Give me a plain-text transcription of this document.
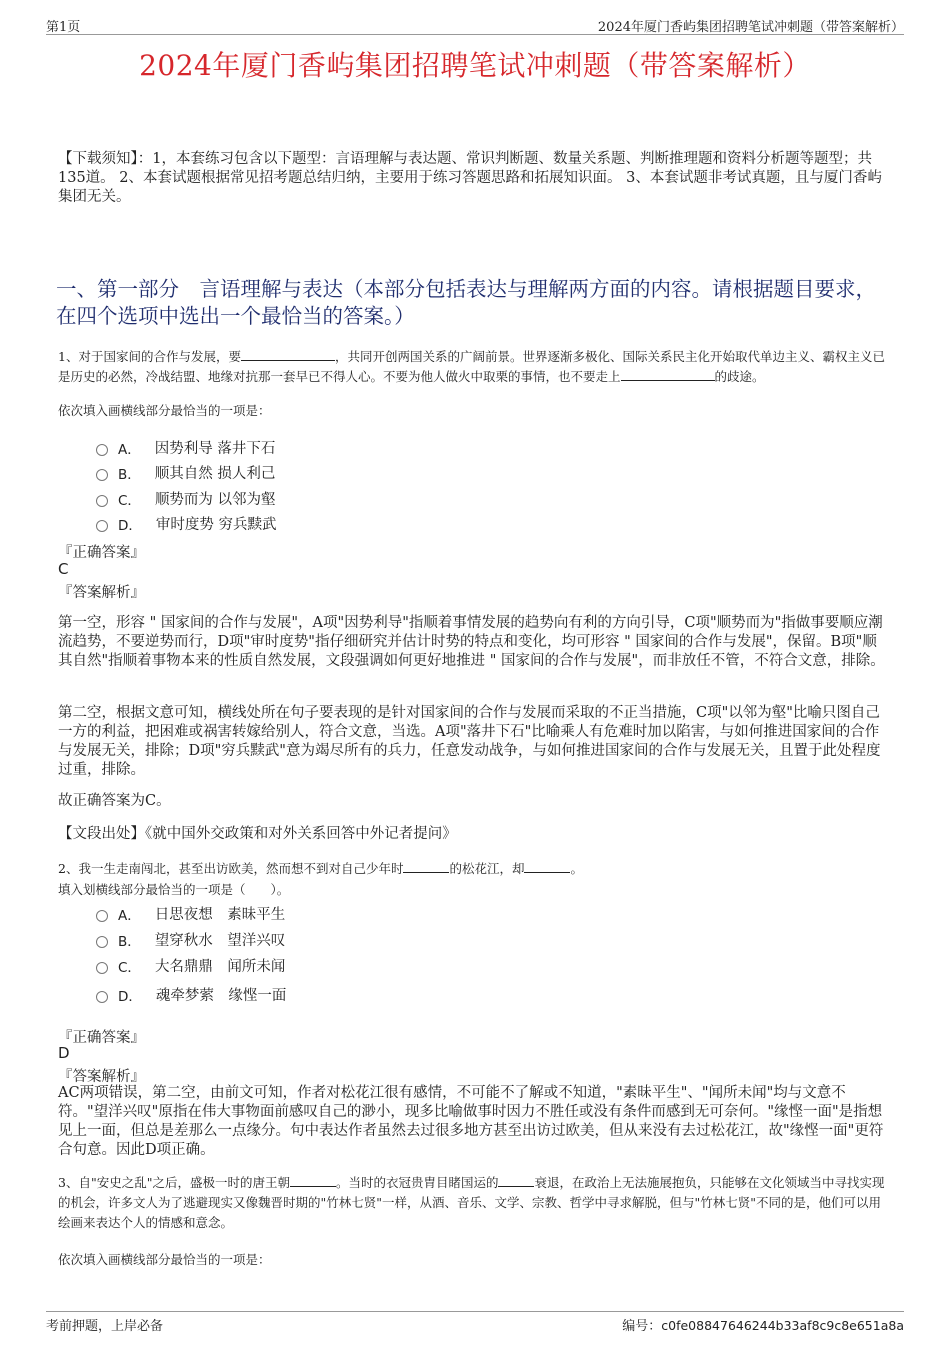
第1页	2024年厦门香屿集团招聘笔试冲刺题（带答案解析）
2024年厦门香屿集团招聘笔试冲刺题（带答案解析）
【下载须知】：1，本套练习包含以下题型：言语理解与表达题、常识判断题、数量关系题、判断推理题和资料分析题等题型；共135道。 2、本套试题根据常见招考题总结归纳，主要用于练习答题思路和拓展知识面。 3、本套试题非考试真题，且与厦门香屿集团无关。
一、第一部分　言语理解与表达（本部分包括表达与理解两方面的内容。请根据题目要求，在四个选项中选出一个最恰当的答案。）
1、对于国家间的合作与发展，要	，共同开创两国关系的广阔前景。世界逐渐多极化、国际关系民主化开始取代单边主义、霸权主义已是历史的必然，冷战结盟、地缘对抗那一套早已不得人心。不要为他人做火中取栗的事情，也不要走上	的歧途。
依次填入画横线部分最恰当的一项是：
A． 因势利导 落井下石
B． 顺其自然 损人利己
C． 顺势而为 以邻为壑
D． 审时度势 穷兵黩武
『正确答案』
C
『答案解析』
第一空，形容 " 国家间的合作与发展"，A项"因势利导"指顺着事情发展的趋势向有利的方向引导，C项"顺势而为"指做事要顺应潮流趋势，不要逆势而行，D项"审时度势"指仔细研究并估计时势的特点和变化，均可形容 " 国家间的合作与发展"，保留。B项"顺其自然"指顺着事物本来的性质自然发展，文段强调如何更好地推进 " 国家间的合作与发展"，而非放任不管，不符合文意，排除。
第二空，根据文意可知，横线处所在句子要表现的是针对国家间的合作与发展而采取的不正当措施，C项"以邻为壑"比喻只图自己一方的利益，把困难或祸害转嫁给别人，符合文意，当选。A项"落井下石"比喻乘人有危难时加以陷害，与如何推进国家间的合作与发展无关，排除；D项"穷兵黩武"意为竭尽所有的兵力，任意发动战争，与如何推进国家间的合作与发展无关，且置于此处程度过重，排除。
故正确答案为C。
【文段出处】《就中国外交政策和对外关系回答中外记者提问》
2、我一生走南闯北，甚至出访欧美，然而想不到对自己少年时	的松花江，却	。
填入划横线部分最恰当的一项是（　　）。
A． 日思夜想　素昧平生
B． 望穿秋水　望洋兴叹
C． 大名鼎鼎　闻所未闻
D． 魂牵梦萦　缘悭一面
『正确答案』
D
『答案解析』
AC两项错误，第二空，由前文可知，作者对松花江很有感情，不可能不了解或不知道，"素昧平生"、"闻所未闻"均与文意不符。"望洋兴叹"原指在伟大事物面前感叹自己的渺小，现多比喻做事时因力不胜任或没有条件而感到无可奈何。"缘悭一面"是指想见上一面，但总是差那么一点缘分。句中表达作者虽然去过很多地方甚至出访过欧美，但从来没有去过松花江，故"缘悭一面"更符合句意。因此D项正确。
3、自"安史之乱"之后，盛极一时的唐王朝	。当时的衣冠贵胄目睹国运的	衰退，在政治上无法施展抱负，只能够在文化领域当中寻找实现的机会，许多文人为了逃避现实又像魏晋时期的"竹林七贤"一样，从酒、音乐、文学、宗教、哲学中寻求解脱，但与"竹林七贤"不同的是，他们可以用绘画来表达个人的情感和意念。
依次填入画横线部分最恰当的一项是：
考前押题，上岸必备	编号：c0fe08847646244b33af8c9c8e651a8a
